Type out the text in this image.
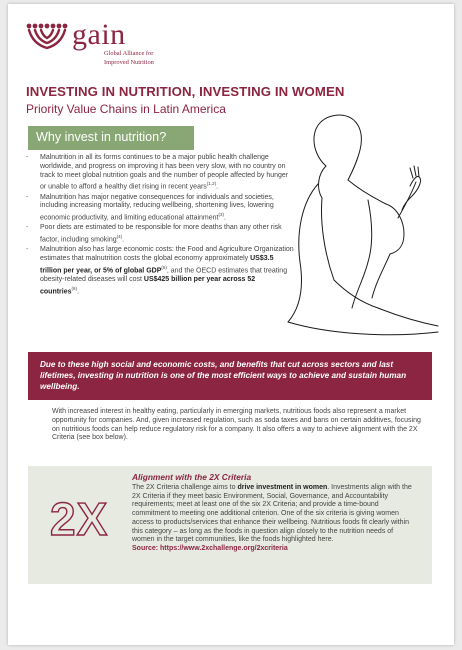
gain
Global Alliance for
Improved Nutrition
INVESTING IN NUTRITION, INVESTING IN WOMEN
Priority Value Chains in Latin America
Why invest in nutrition?
- Malnutrition in all its forms continues to be a major public health challenge worldwide, and progress on improving it has been very slow, with no country on track to meet global nutrition goals and the number of people affected by hunger or unable to afford a healthy diet rising in recent years$^{(1,2)}$.
- Malnutrition has major negative consequences for individuals and societies, including increasing mortality, reducing wellbeing, shortening lives, lowering economic productivity, and limiting educational attainment$^{(3)}$.
- Poor diets are estimated to be responsible for more deaths than any other risk factor, including smoking$^{(4)}$.
- Malnutrition also has large economic costs: the Food and Agriculture Organization estimates that malnutrition costs the global economy approximately US$3.5 trillion per year, or 5% of global GDP$^{(5)}$, and the OECD estimates that treating obesity-related diseases will cost US$425 billion per year across 52 countries$^{(6)}$.
Due to these high social and economic costs, and benefits that cut across sectors and last lifetimes, investing in nutrition is one of the most efficient ways to achieve and sustain human wellbeing.
With increased interest in healthy eating, particularly in emerging markets, nutritious foods also represent a market opportunity for companies. And, given increased regulation, such as soda taxes and bans on certain additives, focusing on nutritious foods can help reduce regulatory risk for a company. It also offers a way to achieve alignment with the 2X Criteria (see box below).
2X
Alignment with the 2X Criteria
The 2X Criteria challenge aims to drive investment in women. Investments align with the 2X Criteria if they meet basic Environment, Social, Governance, and Accountability requirements; meet at least one of the six 2X Criteria; and provide a time-bound commitment to meeting one additional criterion. One of the six criteria is giving women access to products/services that enhance their wellbeing. Nutritious foods fit clearly within this category – as long as the foods in question align closely to the nutrition needs of women in the target communities, like the foods highlighted here.
Source: https://www.2xchallenge.org/2xcriteria
